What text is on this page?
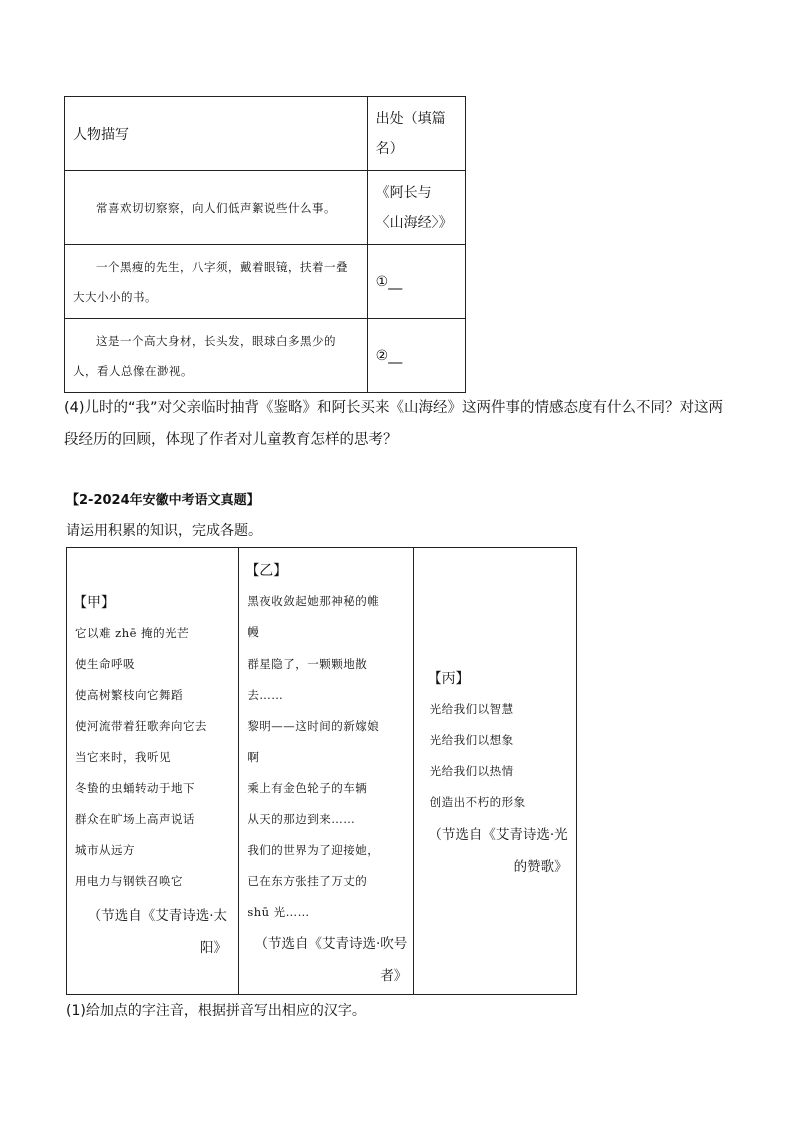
人物描写	出处（填篇名）
常喜欢切切察察，向人们低声絮说些什么事。	《阿长与〈山海经〉》
一个黑瘦的先生，八字须，戴着眼镜，扶着一叠大大小小的书。	①__
这是一个高大身材，长头发，眼球白多黑少的人，看人总像在渺视。	②__
(4)儿时的“我”对父亲临时抽背《鉴略》和阿长买来《山海经》这两件事的情感态度有什么不同？对这两段经历的回顾，体现了作者对儿童教育怎样的思考？
【2-2024年安徽中考语文真题】
请运用积累的知识，完成各题。
【甲】
它以难 zhē 掩的光芒
使生命呼吸
使高树繁枝向它舞蹈
使河流带着狂歌奔向它去
当它来时，我听见
冬蛰的虫蛹转动于地下
群众在旷场上高声说话
城市从远方
用电力与钢铁召唤它
（节选自《艾青诗选·太阳》

【乙】
黑夜收敛起她那神秘的帷
幔
群星隐了，一颗颗地散
去……
黎明——这时间的新嫁娘
啊
乘上有金色轮子的车辆
从天的那边到来……
我们的世界为了迎接她，
已在东方张挂了万丈的
shū 光……
（节选自《艾青诗选·吹号者》

【丙】
光给我们以智慧
光给我们以想象
光给我们以热情
创造出不朽的形象
（节选自《艾青诗选·光的赞歌》
(1)给加点的字注音，根据拼音写出相应的汉字。
